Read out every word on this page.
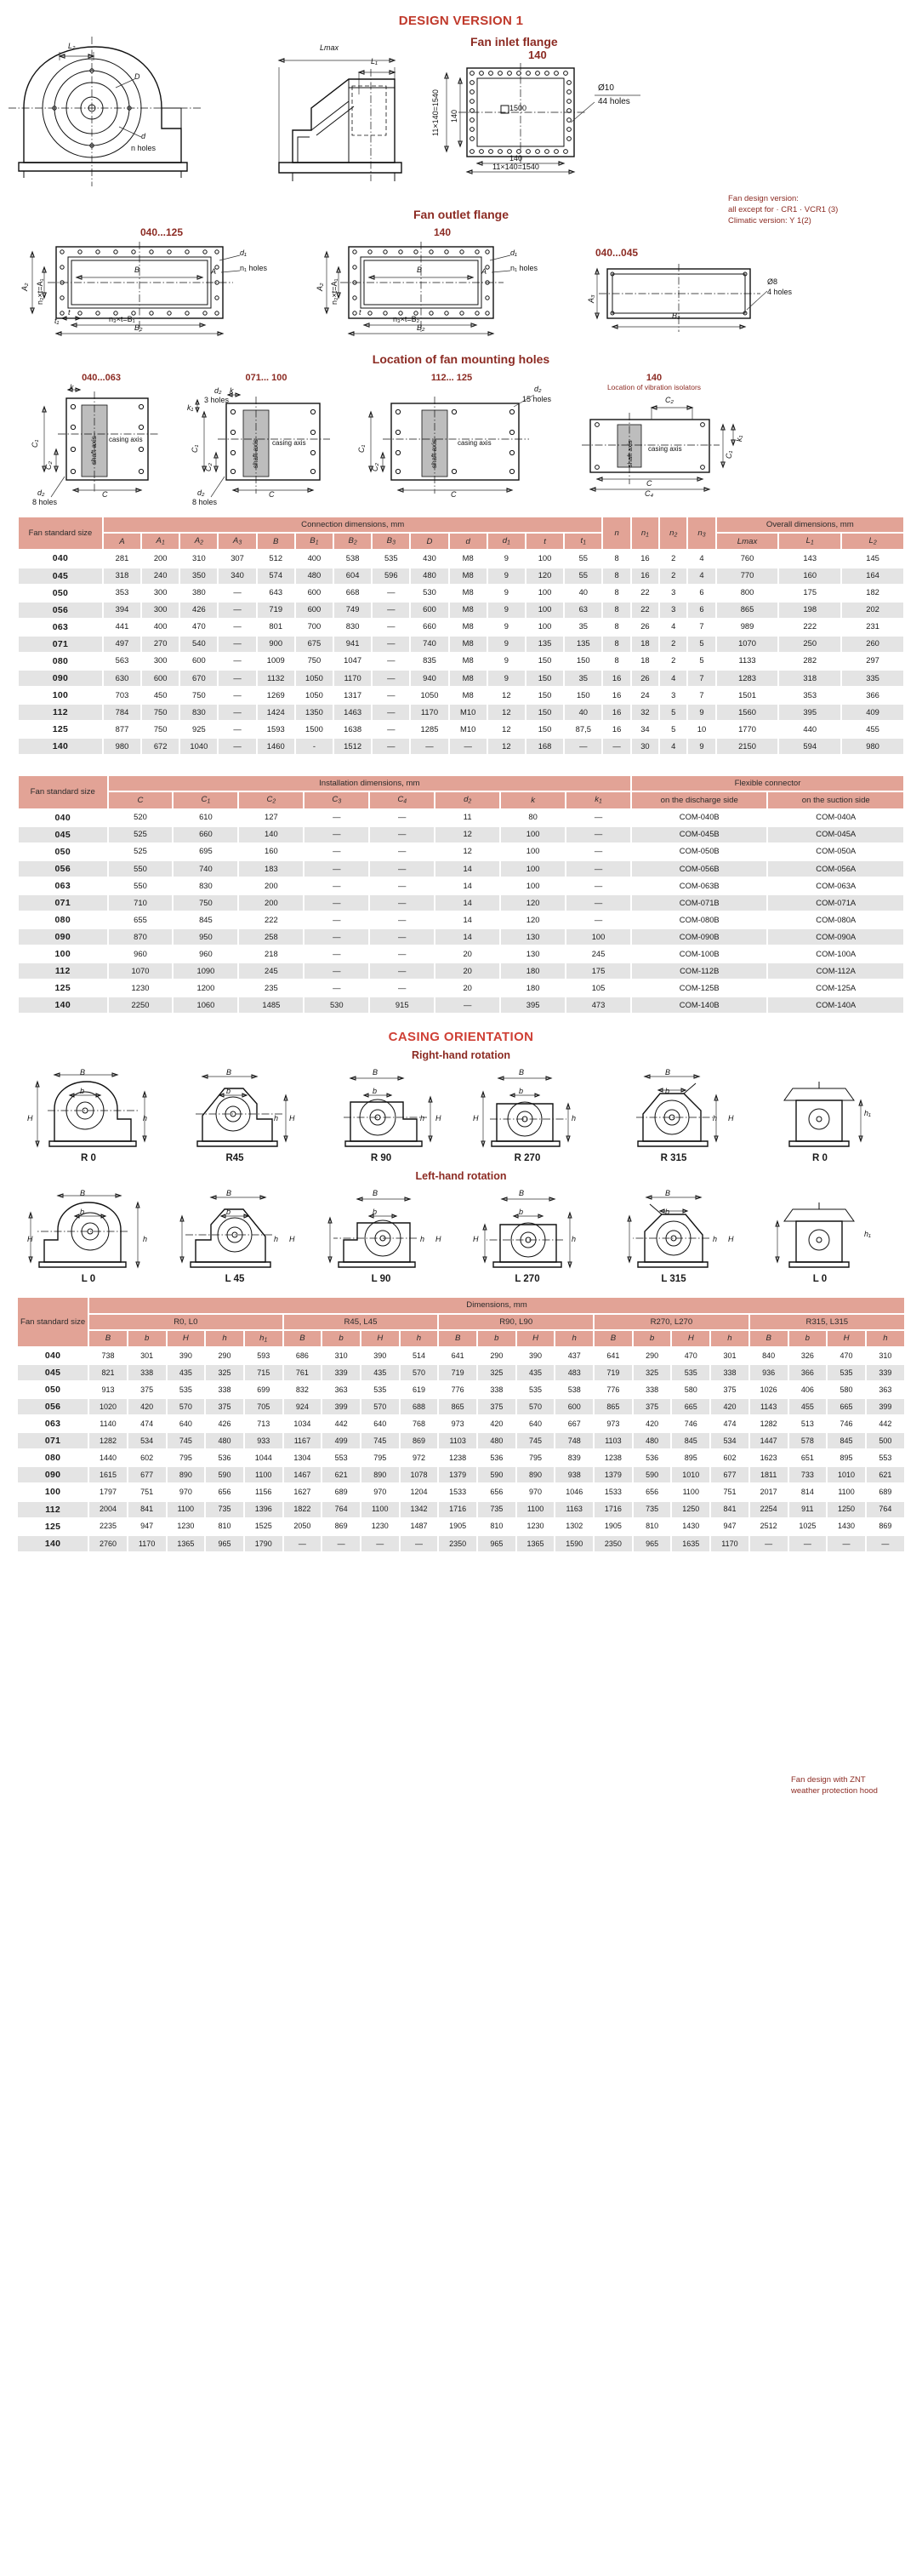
DESIGN VERSION 1
L₂
D
d
n holes
Lmax
L₁
Fan inlet flange
140
11×140=1540 140
1500
140
11×140=1540
Ø10
44 holes
Fan outlet flange
Fan design version:
all except for · CR1 · VCR1 (3)
Climatic version: Y 1(2)
040...125
A₂ n₂×t=A₁
A
B
n₃×t=B₁
B₂
t
t₁
d₁
n₁ holes
140
A₂ n₂×t=A₁
A
B
n₃×t=B₂
B₂
t
d₁
n₁ holes
040...045
A₃
B₃
Ø8
4 holes
Location of fan mounting holes
040...063
C₁
C₂
k
C
shaft axis casing axis
d₂
8 holes
071... 100
C₁
C₂
k₁
k
d₂
3 holes
C
shaft axis casing axis
d₂
8 holes
112... 125
C₁
C₂
d₂
15 holes
C
shaft axis	casing axis
140
Location of vibration isolators
C₂
C₁
k₁
C
C₄
shaft axis casing axis
Fan standard size	Connection dimensions, mm													n	$n_1$	$n_2$	$n_3$	Overall dimensions, mm		
	A	$A_1$	$A_2$	$A_3$	B	$B_1$	$B_2$	$B_3$	D	d	$d_1$	t	$t_1$					Lmax	$L_1$	$L_2$
040	281	200	310	307	512	400	538	535	430	M8	9	100	55	8	16	2	4	760	143	145
045	318	240	350	340	574	480	604	596	480	M8	9	120	55	8	16	2	4	770	160	164
050	353	300	380	—	643	600	668	—	530	M8	9	100	40	8	22	3	6	800	175	182
056	394	300	426	—	719	600	749	—	600	M8	9	100	63	8	22	3	6	865	198	202
063	441	400	470	—	801	700	830	—	660	M8	9	100	35	8	26	4	7	989	222	231
071	497	270	540	—	900	675	941	—	740	M8	9	135	135	8	18	2	5	1070	250	260
080	563	300	600	—	1009	750	1047	—	835	M8	9	150	150	8	18	2	5	1133	282	297
090	630	600	670	—	1132	1050	1170	—	940	M8	9	150	35	16	26	4	7	1283	318	335
100	703	450	750	—	1269	1050	1317	—	1050	M8	12	150	150	16	24	3	7	1501	353	366
112	784	750	830	—	1424	1350	1463	—	1170	M10	12	150	40	16	32	5	9	1560	395	409
125	877	750	925	—	1593	1500	1638	—	1285	M10	12	150	87,5	16	34	5	10	1770	440	455
140	980	672	1040	—	1460	-	1512	—	—	—	12	168	—	—	30	4	9	2150	594	980
Fan standard size	Installation dimensions, mm								Flexible connector	
	C	$C_1$	$C_2$	$C_3$	$C_4$	$d_2$	k	$k_1$	on the discharge side	on the suction side
040	520	610	127	—	—	11	80	—	COM-040B	COM-040A
045	525	660	140	—	—	12	100	—	COM-045B	COM-045A
050	525	695	160	—	—	12	100	—	COM-050B	COM-050A
056	550	740	183	—	—	14	100	—	COM-056B	COM-056A
063	550	830	200	—	—	14	100	—	COM-063B	COM-063A
071	710	750	200	—	—	14	120	—	COM-071B	COM-071A
080	655	845	222	—	—	14	120	—	COM-080B	COM-080A
090	870	950	258	—	—	14	130	100	COM-090B	COM-090A
100	960	960	218	—	—	20	130	245	COM-100B	COM-100A
112	1070	1090	245	—	—	20	180	175	COM-112B	COM-112A
125	1230	1200	235	—	—	20	180	105	COM-125B	COM-125A
140	2250	1060	1485	530	915	—	395	473	COM-140B	COM-140A
CASING ORIENTATION
Right-hand rotation
Fan design with ZNT
weather protection hood
B
b
H	h
R 0
B
b
H
h
R45
B
b
H
h
R 90
B
b
H	h
R 270
B
b
H
h
R 315
h₁
R 0
Left-hand rotation
B
b
H	h
L 0
B
b
H
h
L 45
B
b
H
h
L 90
B
b
H	h
L 270
B
b
H
h
L 315
h₁
L 0
Fan standard size	Dimensions, mm																				
	R0, L0					R45, L45				R90, L90				R270, L270				R315, L315			
	B	b	H	h	$h_1$	B	b	H	h	B	b	H	h	B	b	H	h	B	b	H	h
040	738	301	390	290	593	686	310	390	514	641	290	390	437	641	290	470	301	840	326	470	310
045	821	338	435	325	715	761	339	435	570	719	325	435	483	719	325	535	338	936	366	535	339
050	913	375	535	338	699	832	363	535	619	776	338	535	538	776	338	580	375	1026	406	580	363
056	1020	420	570	375	705	924	399	570	688	865	375	570	600	865	375	665	420	1143	455	665	399
063	1140	474	640	426	713	1034	442	640	768	973	420	640	667	973	420	746	474	1282	513	746	442
071	1282	534	745	480	933	1167	499	745	869	1103	480	745	748	1103	480	845	534	1447	578	845	500
080	1440	602	795	536	1044	1304	553	795	972	1238	536	795	839	1238	536	895	602	1623	651	895	553
090	1615	677	890	590	1100	1467	621	890	1078	1379	590	890	938	1379	590	1010	677	1811	733	1010	621
100	1797	751	970	656	1156	1627	689	970	1204	1533	656	970	1046	1533	656	1100	751	2017	814	1100	689
112	2004	841	1100	735	1396	1822	764	1100	1342	1716	735	1100	1163	1716	735	1250	841	2254	911	1250	764
125	2235	947	1230	810	1525	2050	869	1230	1487	1905	810	1230	1302	1905	810	1430	947	2512	1025	1430	869
140	2760	1170	1365	965	1790	—	—	—	—	2350	965	1365	1590	2350	965	1635	1170	—	—	—	—
